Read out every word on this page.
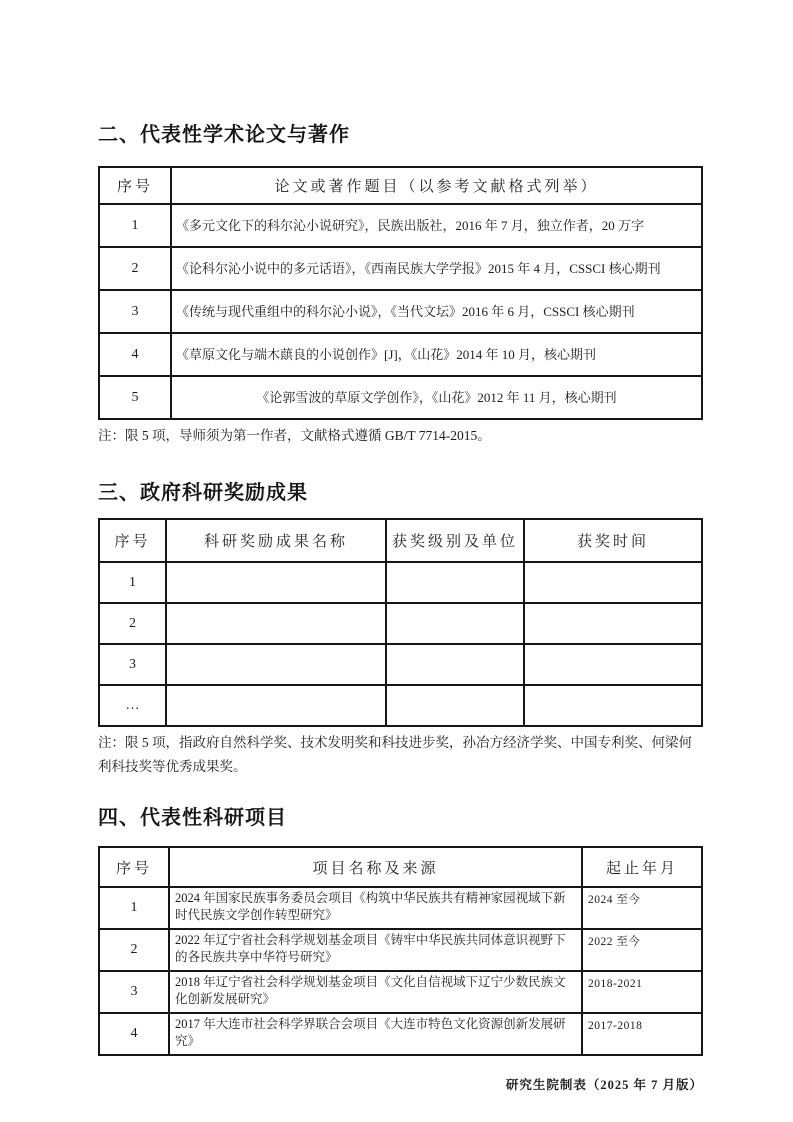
二、代表性学术论文与著作
序号	论文或著作题目（以参考文献格式列举）
1	《多元文化下的科尔沁小说研究》，民族出版社，2016 年 7 月，独立作者，20 万字
2	《论科尔沁小说中的多元话语》，《西南民族大学学报》2015 年 4 月，CSSCI 核心期刊
3	《传统与现代重组中的科尔沁小说》，《当代文坛》2016 年 6 月，CSSCI 核心期刊
4	《草原文化与端木蕻良的小说创作》[J]，《山花》2014 年 10 月，核心期刊
5	《论郭雪波的草原文学创作》，《山花》2012 年 11 月，核心期刊

注：限 5 项，导师须为第一作者，文献格式遵循 GB/T 7714-2015。

三、政府科研奖励成果
序号	科研奖励成果名称	获奖级别及单位	获奖时间
1			
2			
3			
…			

注：限 5 项，指政府自然科学奖、技术发明奖和科技进步奖，孙冶方经济学奖、中国专利奖、何梁何利科技奖等优秀成果奖。

四、代表性科研项目
序号	项目名称及来源	起止年月
1	2024 年国家民族事务委员会项目《构筑中华民族共有精神家园视域下新时代民族文学创作转型研究》	2024 至今
2	2022 年辽宁省社会科学规划基金项目《铸牢中华民族共同体意识视野下的各民族共享中华符号研究》	2022 至今
3	2018 年辽宁省社会科学规划基金项目《文化自信视域下辽宁少数民族文化创新发展研究》	2018-2021
4	2017 年大连市社会科学界联合会项目《大连市特色文化资源创新发展研究》	2017-2018

研究生院制表（2025 年 7 月版）
